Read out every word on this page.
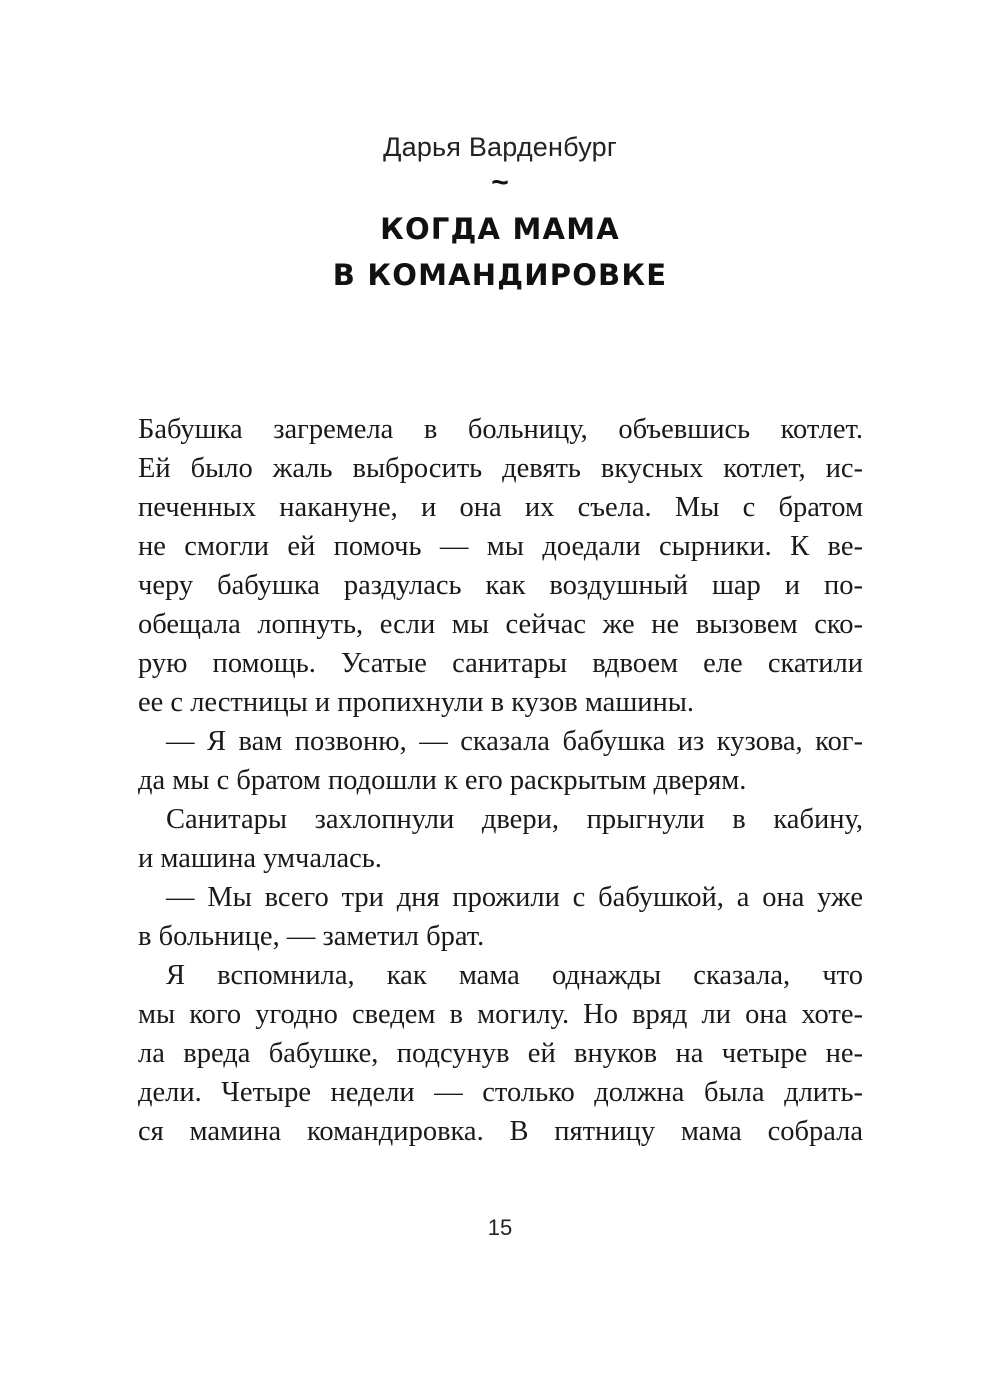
Дарья Варденбург
~
КОГДА МАМА
В КОМАНДИРОВКЕ
Бабушка загремела в больницу, объевшись котлет.
Ей было жаль выбросить девять вкусных котлет, ис-
печенных накануне, и она их съела. Мы с братом
не смогли ей помочь — мы доедали сырники. К ве-
черу бабушка раздулась как воздушный шар и по-
обещала лопнуть, если мы сейчас же не вызовем ско-
рую помощь. Усатые санитары вдвоем еле скатили
ее с лестницы и пропихнули в кузов машины.
— Я вам позвоню, — сказала бабушка из кузова, ког-
да мы с братом подошли к его раскрытым дверям.
Санитары захлопнули двери, прыгнули в кабину,
и машина умчалась.
— Мы всего три дня прожили с бабушкой, а она уже
в больнице, — заметил брат.
Я вспомнила, как мама однажды сказала, что
мы кого угодно сведем в могилу. Но вряд ли она хоте-
ла вреда бабушке, подсунув ей внуков на четыре не-
дели. Четыре недели — столько должна была длить-
ся мамина командировка. В пятницу мама собрала
15
